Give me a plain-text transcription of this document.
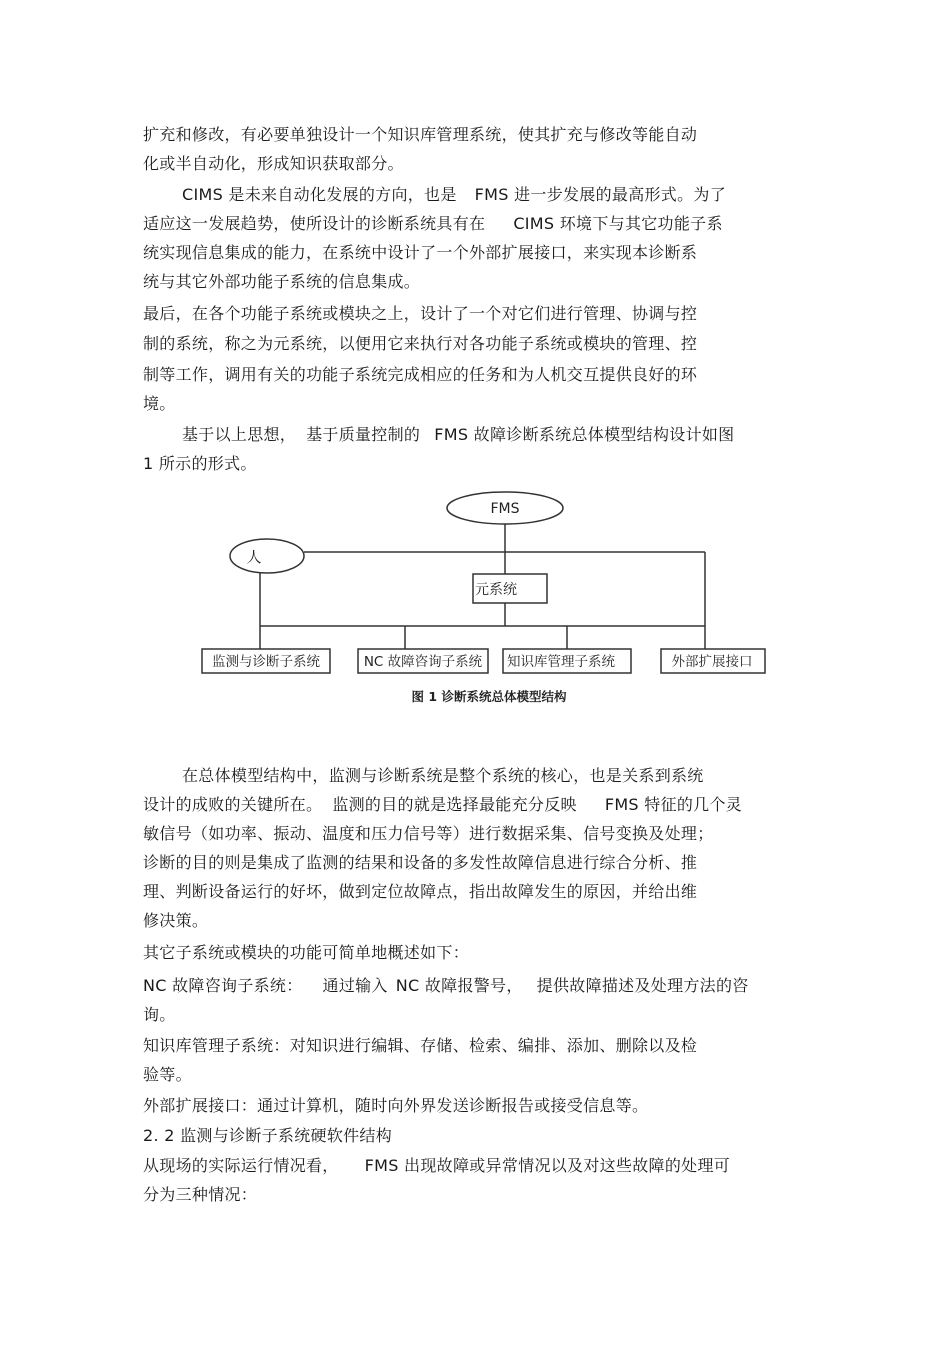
扩充和修改，有必要单独设计一个知识库管理系统，使其扩充与修改等能自动
化或半自动化，形成知识获取部分。
CIMS 是未来自动化发展的方向，也是 FMS 进一步发展的最高形式。为了
适应这一发展趋势，使所设计的诊断系统具有在 CIMS 环境下与其它功能子系
统实现信息集成的能力，在系统中设计了一个外部扩展接口，来实现本诊断系
统与其它外部功能子系统的信息集成。
最后，在各个功能子系统或模块之上，设计了一个对它们进行管理、协调与控
制的系统，称之为元系统，以便用它来执行对各功能子系统或模块的管理、控
制等工作，调用有关的功能子系统完成相应的任务和为人机交互提供良好的环
境。
基于以上思想， 基于质量控制的 FMS 故障诊断系统总体模型结构设计如图
1 所示的形式。
FMS
人
元系统
监测与诊断子系统	NC 故障咨询子系统 知识库管理子系统	外部扩展接口
图 1 诊断系统总体模型结构
在总体模型结构中，监测与诊断系统是整个系统的核心，也是关系到系统
设计的成败的关键所在。 监测的目的就是选择最能充分反映 FMS 特征的几个灵
敏信号（如功率、振动、温度和压力信号等）进行数据采集、信号变换及处理；
诊断的目的则是集成了监测的结果和设备的多发性故障信息进行综合分析、推
理、判断设备运行的好坏，做到定位故障点，指出故障发生的原因，并给出维
修决策。
其它子系统或模块的功能可简单地概述如下：
NC 故障咨询子系统： 通过输入 NC 故障报警号， 提供故障描述及处理方法的咨
询。
知识库管理子系统：对知识进行编辑、存储、检索、编排、添加、删除以及检
验等。
外部扩展接口：通过计算机，随时向外界发送诊断报告或接受信息等。
2. 2 监测与诊断子系统硬软件结构
从现场的实际运行情况看， FMS 出现故障或异常情况以及对这些故障的处理可
分为三种情况：
